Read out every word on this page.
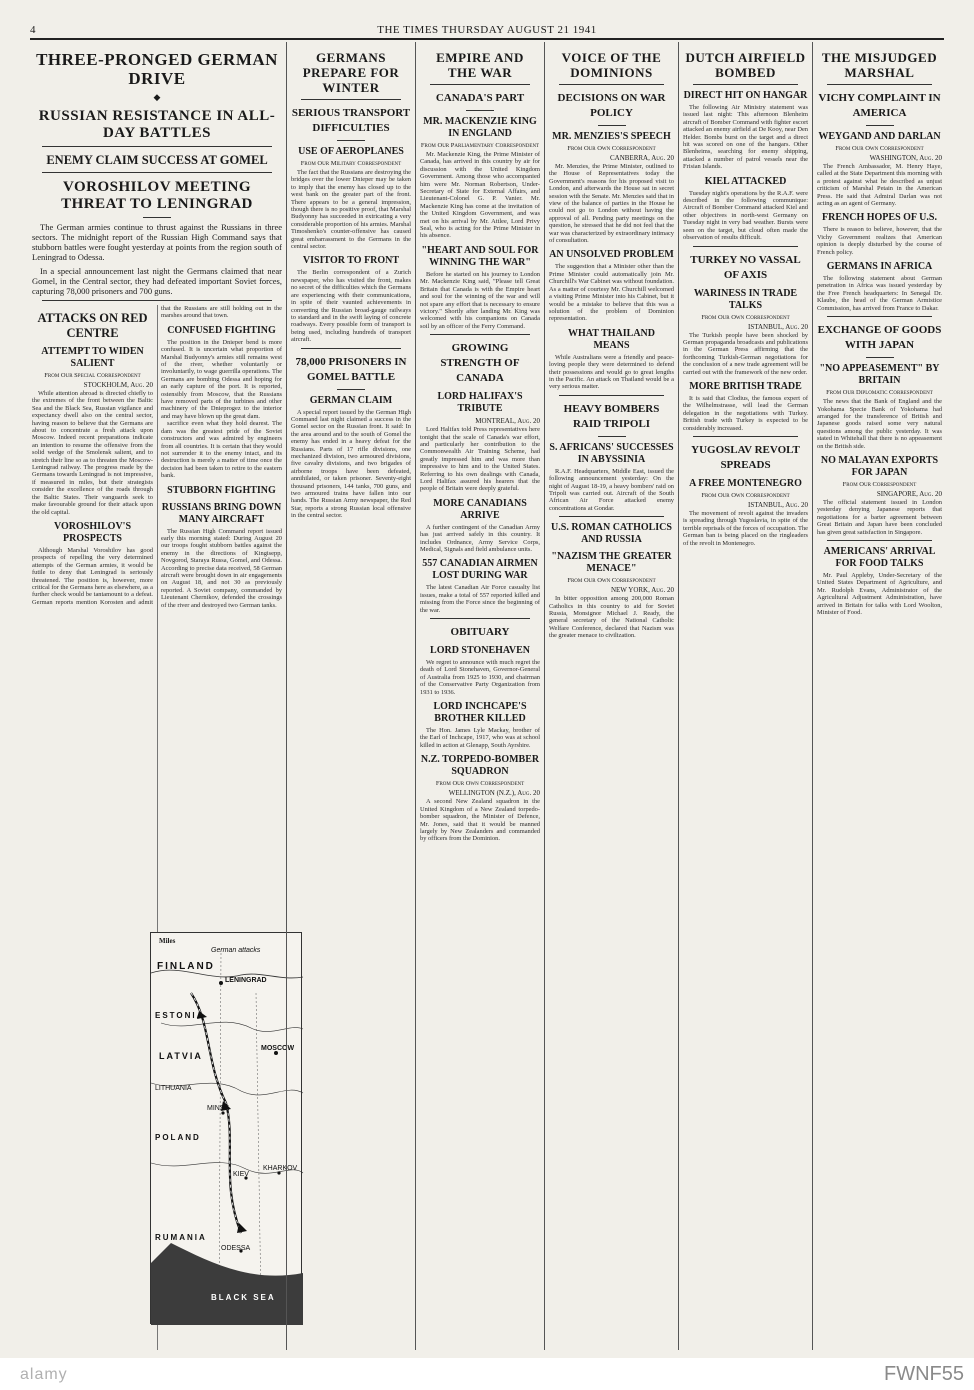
4	THE TIMES THURSDAY AUGUST 21 1941
THREE-PRONGED GERMAN DRIVE
◆
RUSSIAN RESISTANCE IN ALL-DAY BATTLES
ENEMY CLAIM SUCCESS AT GOMEL
VOROSHILOV MEETING THREAT TO LENINGRAD

The German armies continue to thrust against the Russians in three sectors. The midnight report of the Russian High Command says that stubborn battles were fought yesterday at points from the region south of Leningrad to Odessa.

In a special announcement last night the Germans claimed that near Gomel, in the Central sector, they had defeated important Soviet forces, capturing 78,000 prisoners and 700 guns.

ATTACKS ON RED CENTRE
ATTEMPT TO WIDEN SALIENT
From Our Special Correspondent
STOCKHOLM, Aug. 20

While attention abroad is directed chiefly to the extremes of the front between the Baltic Sea and the Black Sea, Russian vigilance and expectancy dwell also on the central sector, having reason to believe that the Germans are about to concentrate a fresh attack upon Moscow. Indeed recent preparations indicate an intention to resume the offensive from the solid wedge of the Smolensk salient, and to stretch their line so as to threaten the Moscow-Leningrad railway. The progress made by the Germans towards Leningrad is not impressive, if measured in miles, but their strategists consider the excellence of the roads through the Baltic States. Their vanguards seek to make favourable ground for their attack upon the old capital.

VOROSHILOV'S PROSPECTS

Although Marshal Voroshilov has good prospects of repelling the very determined attempts of the German armies, it would be futile to deny that Leningrad is seriously threatened. The position is, however, more critical for the Germans here as elsewhere, as a further check would be tantamount to a defeat. German reports mention Korosten and admit that the Russians are still holding out in the marshes around that town.

CONFUSED FIGHTING

The position in the Dnieper bend is more confused. It is uncertain what proportion of Marshal Budyonny's armies still remains west of the river, whether voluntarily or involuntarily, to wage guerrilla operations. The Germans are bombing Odessa and hoping for an early capture of the port. It is reported, ostensibly from Moscow, that the Russians have removed parts of the turbines and other machinery of the Dnieprogez to the interior and may have blown up the great dam.

sacrifice even what they hold dearest. The dam was the greatest pride of the Soviet constructors and was admired by engineers from all countries. It is certain that they would not surrender it to the enemy intact, and its destruction is merely a matter of time once the decision had been taken to retire to the eastern bank.

STUBBORN FIGHTING
RUSSIANS BRING DOWN MANY AIRCRAFT

The Russian High Command report issued early this morning stated: During August 20 our troops fought stubborn battles against the enemy in the directions of Kingisepp, Novgorod, Staraya Russa, Gomel, and Odessa. According to precise data received, 58 German aircraft were brought down in air engagements on August 18, and not 30 as previously reported. A Soviet company, commanded by Lieutenant Chernikov, defended the crossings of the river and destroyed two German tanks.

Miles
German attacks
FINLAND
LENINGRAD
ESTONIA
LATVIA
LITHUANIA
MOSCOW
MINSK
KIEV
KHARKOV
ODESSA
BLACK SEA
RUMANIA
POLAND
GERMANS PREPARE FOR WINTER
SERIOUS TRANSPORT DIFFICULTIES
USE OF AEROPLANES
From Our Military Correspondent

The fact that the Russians are destroying the bridges over the lower Dnieper may be taken to imply that the enemy has closed up to the west bank on the greater part of the front. There appears to be a general impression, though there is no positive proof, that Marshal Budyonny has succeeded in extricating a very considerable proportion of his armies. Marshal Timoshenko's counter-offensive has caused great embarrassment to the Germans in the central sector.

VISITOR TO FRONT

The Berlin correspondent of a Zurich newspaper, who has visited the front, makes no secret of the difficulties which the Germans are experiencing with their communications, in spite of their vaunted achievements in converting the Russian broad-gauge railways to standard and in the swift laying of concrete roadways. Every possible form of transport is being used, including hundreds of transport aircraft.

78,000 PRISONERS IN GOMEL BATTLE
GERMAN CLAIM

A special report issued by the German High Command last night claimed a success in the Gomel sector on the Russian front. It said: In the area around and to the south of Gomel the enemy has ended in a heavy defeat for the Russians. Parts of 17 rifle divisions, one mechanized division, two armoured divisions, five cavalry divisions, and two brigades of airborne troops have been defeated, annihilated, or taken prisoner. Seventy-eight thousand prisoners, 144 tanks, 700 guns, and two armoured trains have fallen into our hands. The Russian Army newspaper, the Red Star, reports a strong Russian local offensive in the central sector.

EMPIRE AND THE WAR
CANADA'S PART
MR. MACKENZIE KING IN ENGLAND
From Our Parliamentary Correspondent

Mr. Mackenzie King, the Prime Minister of Canada, has arrived in this country by air for discussion with the United Kingdom Government. Among those who accompanied him were Mr. Norman Robertson, Under-Secretary of State for External Affairs, and Lieutenant-Colonel G. P. Vanier. Mr. Mackenzie King has come at the invitation of the United Kingdom Government, and was met on his arrival by Mr. Attlee, Lord Privy Seal, who is acting for the Prime Minister in his absence.

"HEART AND SOUL FOR WINNING THE WAR"

Before he started on his journey to London Mr. Mackenzie King said, "Please tell Great Britain that Canada is with the Empire heart and soul for the winning of the war and will not spare any effort that is necessary to ensure victory." Shortly after landing Mr. King was welcomed with his companions on Canada soil by an officer of the Ferry Command.

GROWING STRENGTH OF CANADA
LORD HALIFAX'S TRIBUTE
MONTREAL, Aug. 20

Lord Halifax told Press representatives here tonight that the scale of Canada's war effort, and particularly her contribution to the Commonwealth Air Training Scheme, had greatly impressed him and was more than impressive to him and to the United States. Referring to his own dealings with Canada, Lord Halifax assured his hearers that the people of Britain were deeply grateful.

MORE CANADIANS ARRIVE

A further contingent of the Canadian Army has just arrived safely in this country. It includes Ordnance, Army Service Corps, Medical, Signals and field ambulance units.

557 CANADIAN AIRMEN LOST DURING WAR

The latest Canadian Air Force casualty list issues, make a total of 557 reported killed and missing from the Force since the beginning of the war.

OBITUARY
LORD STONEHAVEN

We regret to announce with much regret the death of Lord Stonehaven, Governor-General of Australia from 1925 to 1930, and chairman of the Conservative Party Organization from 1931 to 1936.

LORD INCHCAPE'S BROTHER KILLED

The Hon. James Lyle Mackay, brother of the Earl of Inchcape, 1917, who was at school killed in action at Glenapp, South Ayrshire.

N.Z. TORPEDO-BOMBER SQUADRON
From Our Own Correspondent
WELLINGTON (N.Z.), Aug. 20

A second New Zealand squadron in the United Kingdom of a New Zealand torpedo-bomber squadron, the Minister of Defence, Mr. Jones, said that it would be manned largely by New Zealanders and commanded by officers from the Dominion.

VOICE OF THE DOMINIONS
DECISIONS ON WAR POLICY
MR. MENZIES'S SPEECH
From Our Own Correspondent
CANBERRA, Aug. 20

Mr. Menzies, the Prime Minister, outlined to the House of Representatives today the Government's reasons for his proposed visit to London, and afterwards the House sat in secret session with the Senate. Mr. Menzies said that in view of the balance of parties in the House he could not go to London without having the approval of all. Pending party meetings on the question, he stressed that he did not feel that the war was characterized by extraordinary intimacy of consultation.

AN UNSOLVED PROBLEM

The suggestion that a Minister other than the Prime Minister could automatically join Mr. Churchill's War Cabinet was without foundation. As a matter of courtesy Mr. Churchill welcomed a visiting Prime Minister into his Cabinet, but it would be a mistake to believe that this was a solution of the problem of Dominion representation.

WHAT THAILAND MEANS

While Australians were a friendly and peace-loving people they were determined to defend their possessions and would go to great lengths in the Pacific. An attack on Thailand would be a very serious matter.

HEAVY BOMBERS RAID TRIPOLI
S. AFRICANS' SUCCESSES IN ABYSSINIA

R.A.F. Headquarters, Middle East, issued the following announcement yesterday: On the night of August 18-19, a heavy bombers' raid on Tripoli was carried out. Aircraft of the South African Air Force attacked enemy concentrations at Gondar.

U.S. ROMAN CATHOLICS AND RUSSIA
"NAZISM THE GREATER MENACE"
From Our Own Correspondent
NEW YORK, Aug. 20

In bitter opposition among 200,000 Roman Catholics in this country to aid for Soviet Russia, Monsignor Michael J. Ready, the general secretary of the National Catholic Welfare Conference, declared that Nazism was the greater menace to civilization.

DUTCH AIRFIELD BOMBED
DIRECT HIT ON HANGAR

The following Air Ministry statement was issued last night: This afternoon Blenheim aircraft of Bomber Command with fighter escort attacked an enemy airfield at De Kooy, near Den Helder. Bombs burst on the target and a direct hit was scored on one of the hangars. Other Blenheims, searching for enemy shipping, attacked a number of patrol vessels near the Frisian Islands.

KIEL ATTACKED

Tuesday night's operations by the R.A.F. were described in the following communique: Aircraft of Bomber Command attacked Kiel and other objectives in north-west Germany on Tuesday night in very bad weather. Bursts were seen on the target, but cloud often made the observation of results difficult.

TURKEY NO VASSAL OF AXIS
WARINESS IN TRADE TALKS
From Our Own Correspondent
ISTANBUL, Aug. 20

The Turkish people have been shocked by German propaganda broadcasts and publications in the German Press affirming that the forthcoming Turkish-German negotiations for the conclusion of a new trade agreement will be carried out with the framework of the new order.

MORE BRITISH TRADE

It is said that Clodius, the famous expert of the Wilhelmstrasse, will lead the German delegation in the negotiations with Turkey. British trade with Turkey is expected to be considerably increased.

YUGOSLAV REVOLT SPREADS
A FREE MONTENEGRO
From Our Own Correspondent
ISTANBUL, Aug. 20

The movement of revolt against the invaders is spreading through Yugoslavia, in spite of the terrible reprisals of the forces of occupation. The German ban is being placed on the ringleaders of the revolt in Montenegro.

THE MISJUDGED MARSHAL
VICHY COMPLAINT IN AMERICA
WEYGAND AND DARLAN
From Our Own Correspondent
WASHINGTON, Aug. 20

The French Ambassador, M. Henry Haye, called at the State Department this morning with a protest against what he described as unjust criticism of Marshal Petain in the American Press. He said that Admiral Darlan was not acting as an agent of Germany.

FRENCH HOPES OF U.S.

There is reason to believe, however, that the Vichy Government realizes that American opinion is deeply disturbed by the course of French policy.

GERMANS IN AFRICA

The following statement about German penetration in Africa was issued yesterday by the Free French headquarters: In Senegal Dr. Klaube, the head of the German Armistice Commission, has arrived from France to Dakar.

EXCHANGE OF GOODS WITH JAPAN
"NO APPEASEMENT" BY BRITAIN
From Our Diplomatic Correspondent

The news that the Bank of England and the Yokohama Specie Bank of Yokohama had arranged for the transference of British and Japanese goods raised some very natural questions among the public yesterday. It was stated in Whitehall that there is no appeasement on the British side.

NO MALAYAN EXPORTS FOR JAPAN
From Our Correspondent
SINGAPORE, Aug. 20

The official statement issued in London yesterday denying Japanese reports that negotiations for a barter agreement between Great Britain and Japan have been concluded has given great satisfaction in Singapore.

AMERICANS' ARRIVAL FOR FOOD TALKS

Mr. Paul Appleby, Under-Secretary of the United States Department of Agriculture, and Mr. Rudolph Evans, Administrator of the Agricultural Adjustment Administration, have arrived in Britain for talks with Lord Woolton, Minister of Food.

alamy	FWNF55
